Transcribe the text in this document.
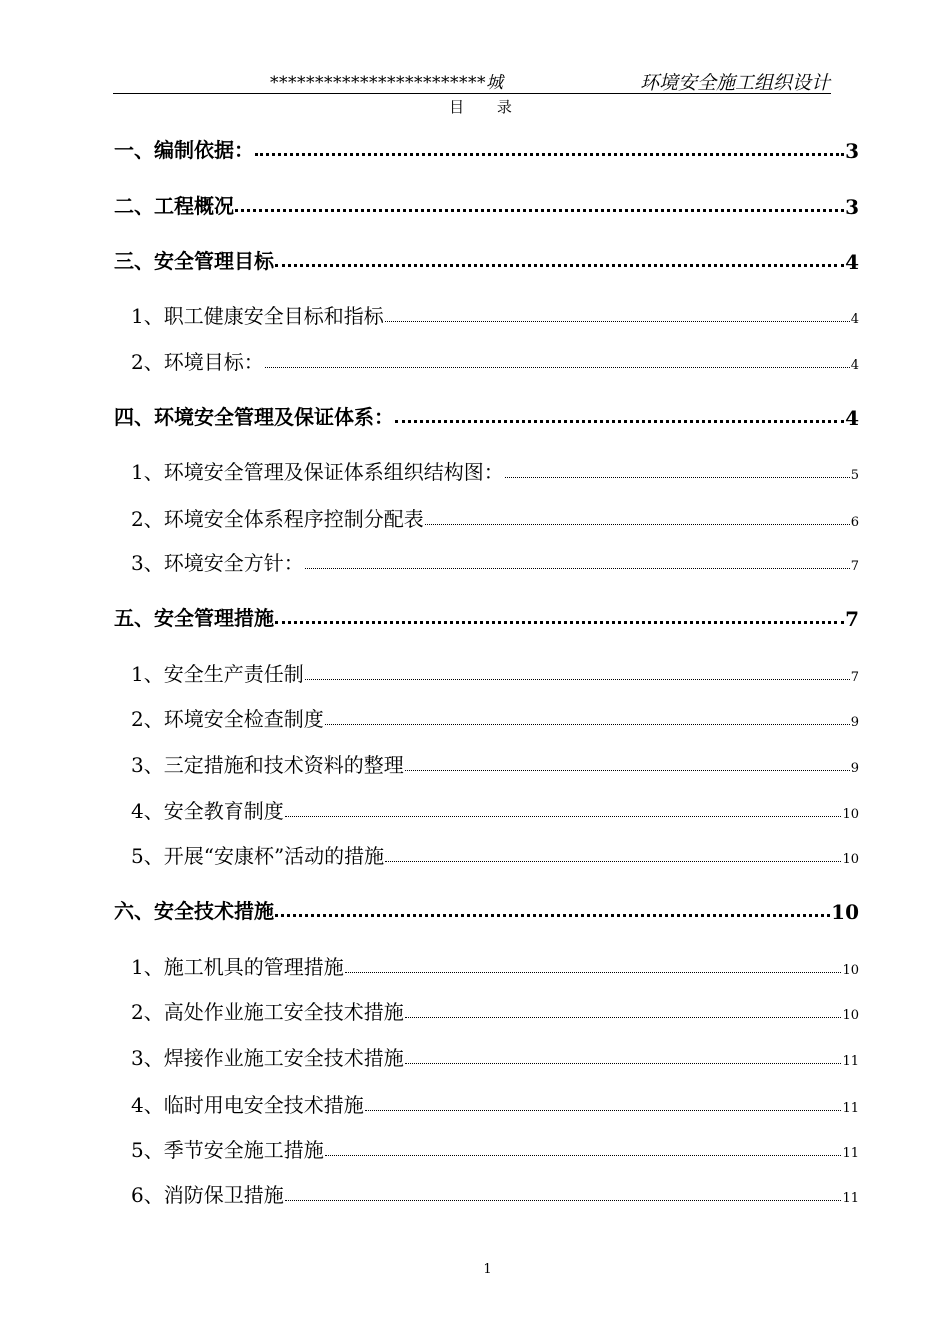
************************城	环境安全施工组织设计
目 录
一、编制依据：	3
二、工程概况	3
三、安全管理目标	4
1、职工健康安全目标和指标	4
2、环境目标：	4
四、环境安全管理及保证体系：	4
1、环境安全管理及保证体系组织结构图：	5
2、环境安全体系程序控制分配表	6
3、环境安全方针：	7
五、安全管理措施	7
1、安全生产责任制	7
2、环境安全检查制度	9
3、三定措施和技术资料的整理	9
4、安全教育制度	10
5、开展“安康杯”活动的措施	10
六、安全技术措施	10
1、施工机具的管理措施	10
2、高处作业施工安全技术措施	10
3、焊接作业施工安全技术措施	11
4、临时用电安全技术措施	11
5、季节安全施工措施	11
6、消防保卫措施	11
1
